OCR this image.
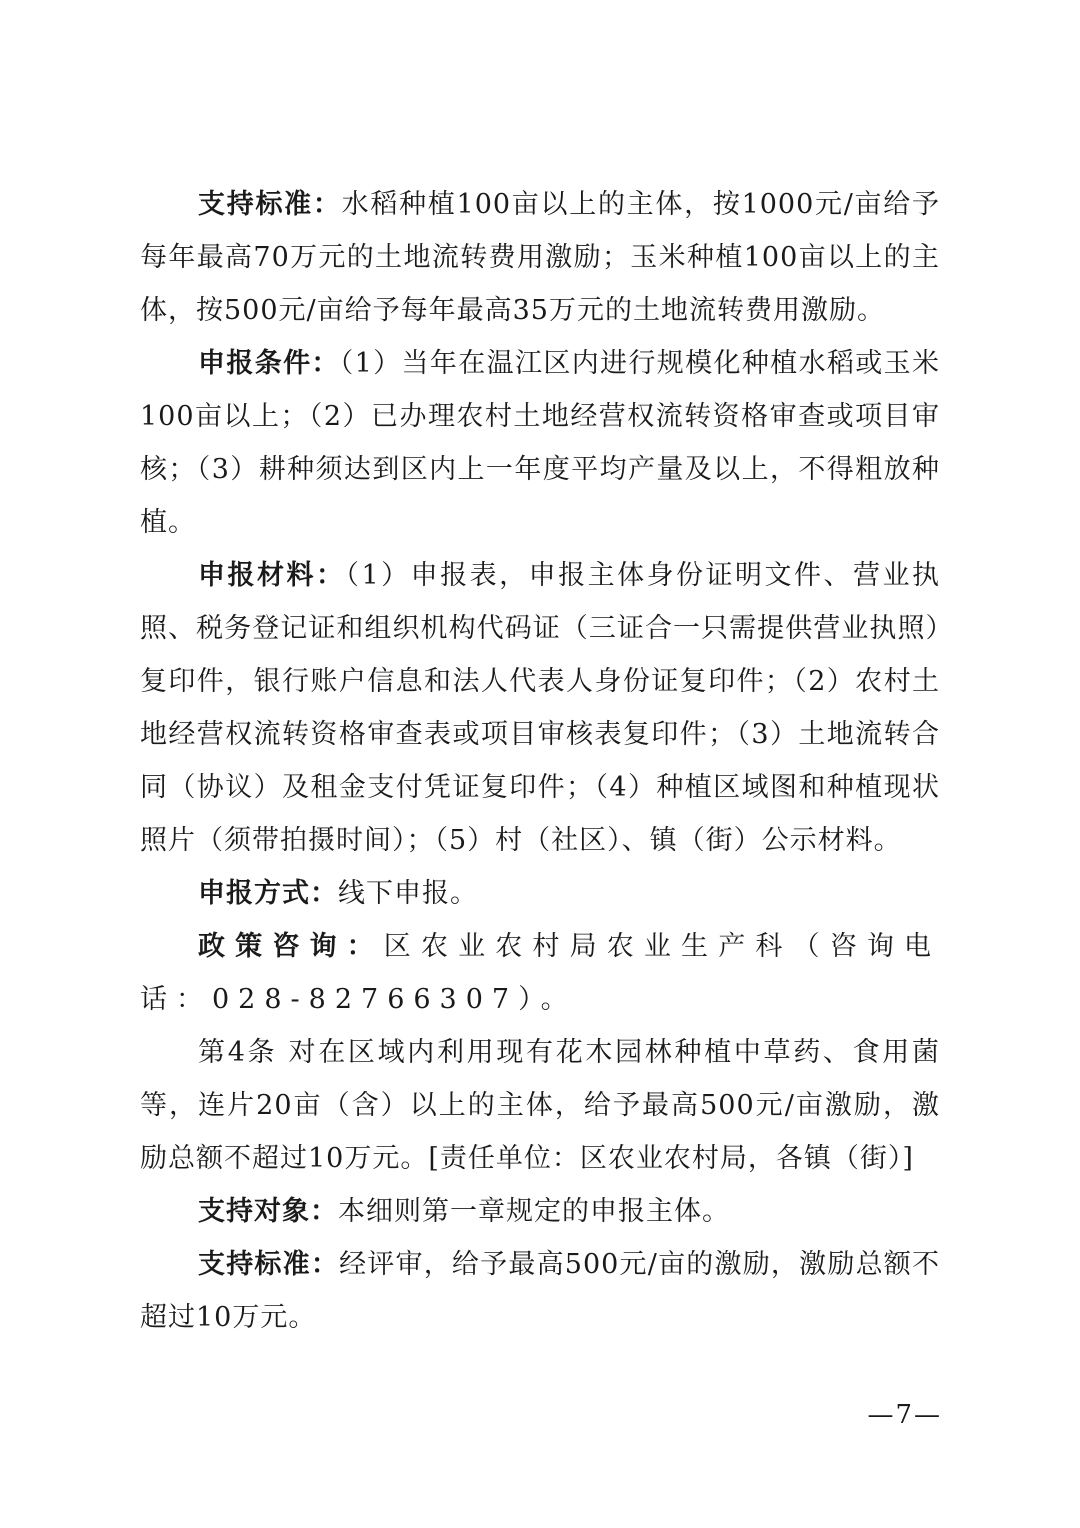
支持标准：水稻种植100亩以上的主体，按1000元/亩给予每年最高70万元的土地流转费用激励；玉米种植100亩以上的主体，按500元/亩给予每年最高35万元的土地流转费用激励。

申报条件：（1）当年在温江区内进行规模化种植水稻或玉米100亩以上；（2）已办理农村土地经营权流转资格审查或项目审核；（3）耕种须达到区内上一年度平均产量及以上，不得粗放种植。

申报材料：（1）申报表，申报主体身份证明文件、营业执照、税务登记证和组织机构代码证（三证合一只需提供营业执照）复印件，银行账户信息和法人代表人身份证复印件；（2）农村土地经营权流转资格审查表或项目审核表复印件；（3）土地流转合同（协议）及租金支付凭证复印件；（4）种植区域图和种植现状照片（须带拍摄时间）；（5）村（社区）、镇（街）公示材料。

申报方式：线下申报。

政策咨询：区农业农村局农业生产科（咨询电话：028-82766307）。

第4条 对在区域内利用现有花木园林种植中草药、食用菌等，连片20亩（含）以上的主体，给予最高500元/亩激励，激励总额不超过10万元。[责任单位：区农业农村局，各镇（街）]

支持对象：本细则第一章规定的申报主体。

支持标准：经评审，给予最高500元/亩的激励，激励总额不超过10万元。

—7—
